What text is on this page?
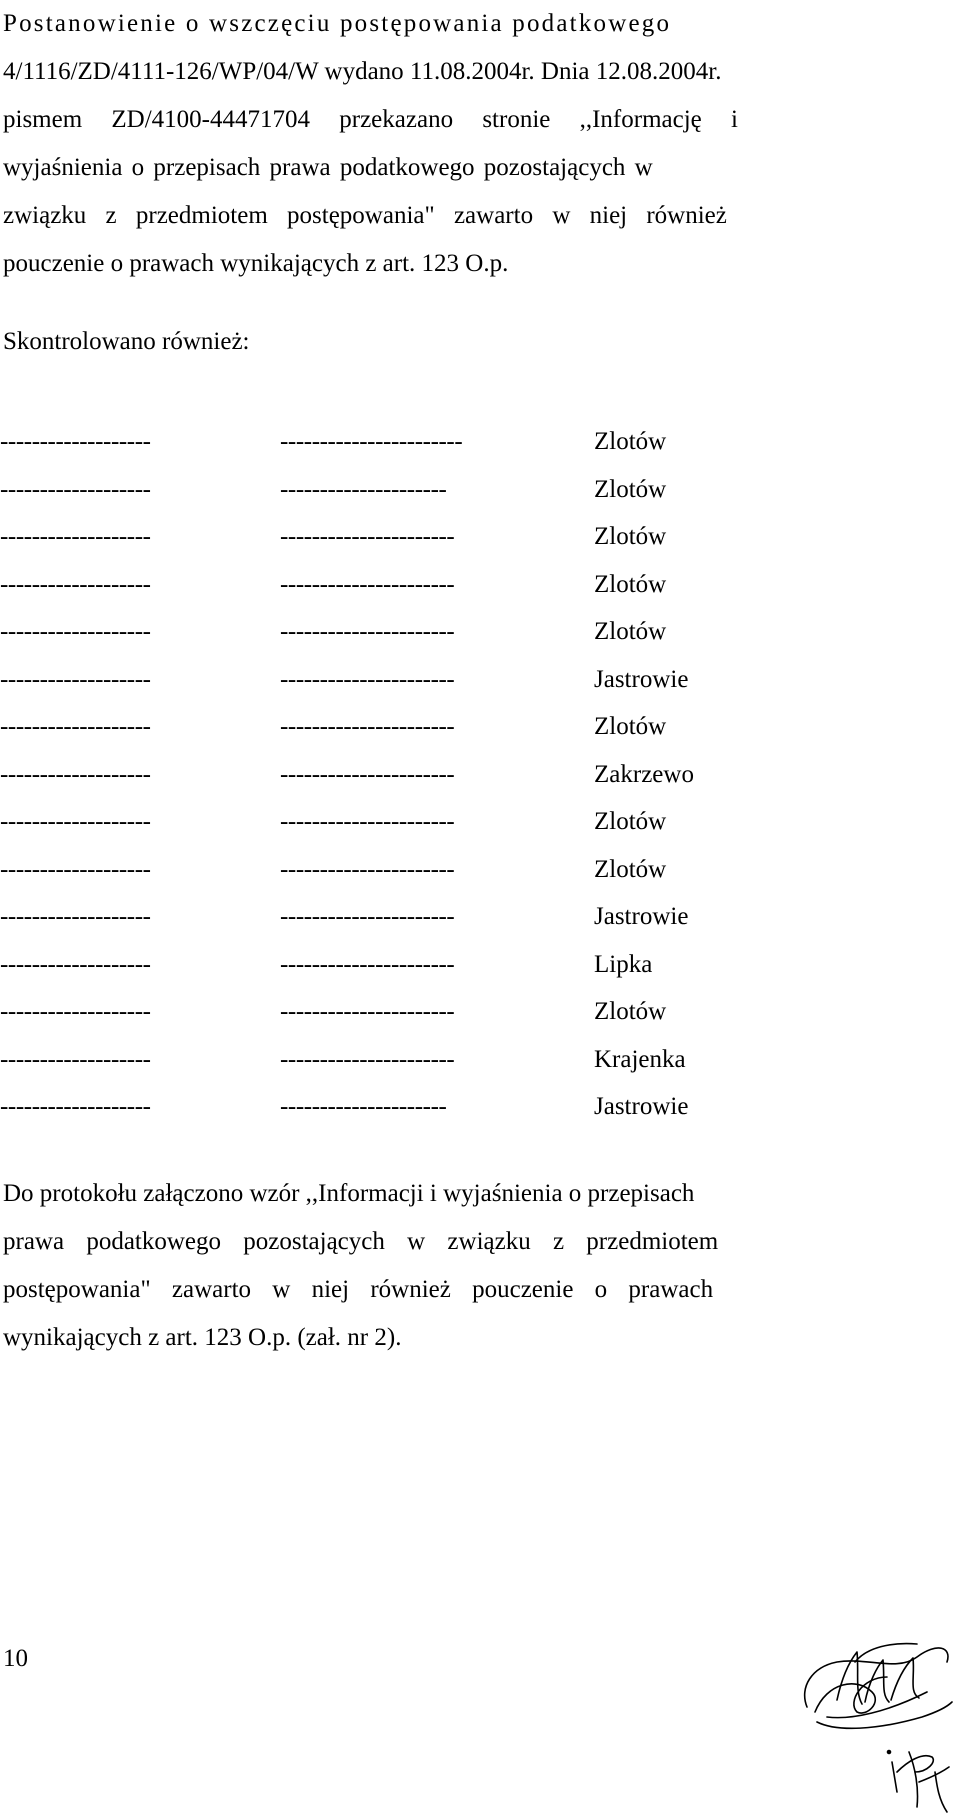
Postanowienie o wszczęciu postępowania podatkowego
4/1116/ZD/4111-126/WP/04/W wydano 11.08.2004r. Dnia 12.08.2004r.
pismem ZD/4100-44471704 przekazano stronie ,,Informację i
wyjaśnienia o przepisach prawa podatkowego pozostających w
związku z przedmiotem postępowania" zawarto w niej również
pouczenie o prawach wynikających z art. 123 O.p.
Skontrolowano również:
-------------------	-----------------------	Zlotów
-------------------	---------------------	Zlotów
-------------------	----------------------	Zlotów
-------------------	----------------------	Zlotów
-------------------	----------------------	Zlotów
-------------------	----------------------	Jastrowie
-------------------	----------------------	Zlotów
-------------------	----------------------	Zakrzewo
-------------------	----------------------	Zlotów
-------------------	----------------------	Zlotów
-------------------	----------------------	Jastrowie
-------------------	----------------------	Lipka
-------------------	----------------------	Zlotów
-------------------	----------------------	Krajenka
-------------------	---------------------	Jastrowie
Do protokołu załączono wzór ,,Informacji i wyjaśnienia o przepisach
prawa podatkowego pozostających w związku z przedmiotem
postępowania" zawarto w niej również pouczenie o prawach
wynikających z art. 123 O.p. (zał. nr 2).
10
